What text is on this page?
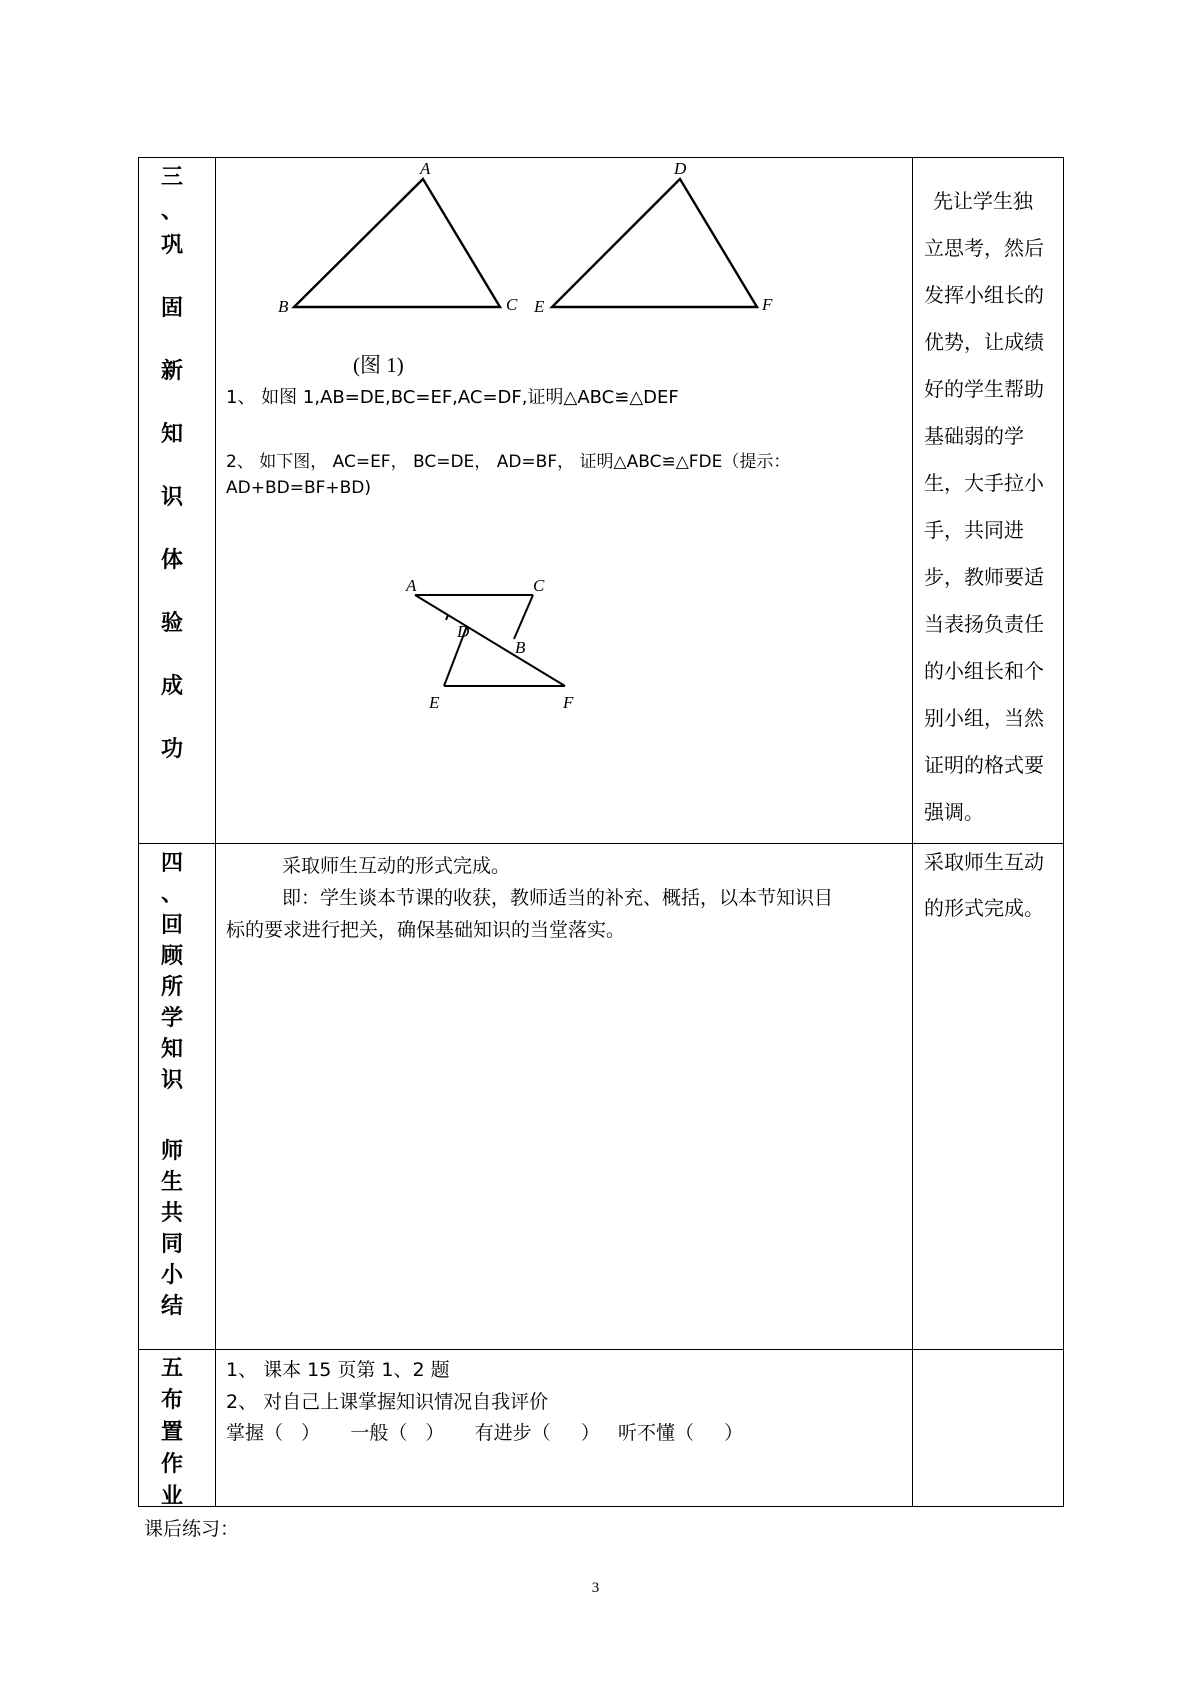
三
、
巩
固
新
知
识
体
验
成
功
A
B	C
D
E	F
(图 1)
1、 如图 1,AB=DE,BC=EF,AC=DF,证明△ABC≌△DEF
2、 如下图， AC=EF， BC=DE， AD=BF， 证明△ABC≌△FDE（提示：
AD+BD=BF+BD)
A	C
D
B
E	F
先让学生独
立思考，然后
发挥小组长的
优势，让成绩
好的学生帮助
基础弱的学
生，大手拉小
手，共同进
步，教师要适
当表扬负责任
的小组长和个
别小组，当然
证明的格式要
强调。
四
、
回
顾
所
学
知
识
师
生
共
同
小
结
采取师生互动的形式完成。
即：学生谈本节课的收获，教师适当的补充、概括，以本节知识目
标的要求进行把关，确保基础知识的当堂落实。
采取师生互动
的形式完成。
五
布
置
作
业
1、 课本 15 页第 1、2 题
2、 对自己上课掌握知识情况自我评价
掌握（   ）     一般（   ）     有进步（     ）   听不懂（     ）
课后练习：
3
